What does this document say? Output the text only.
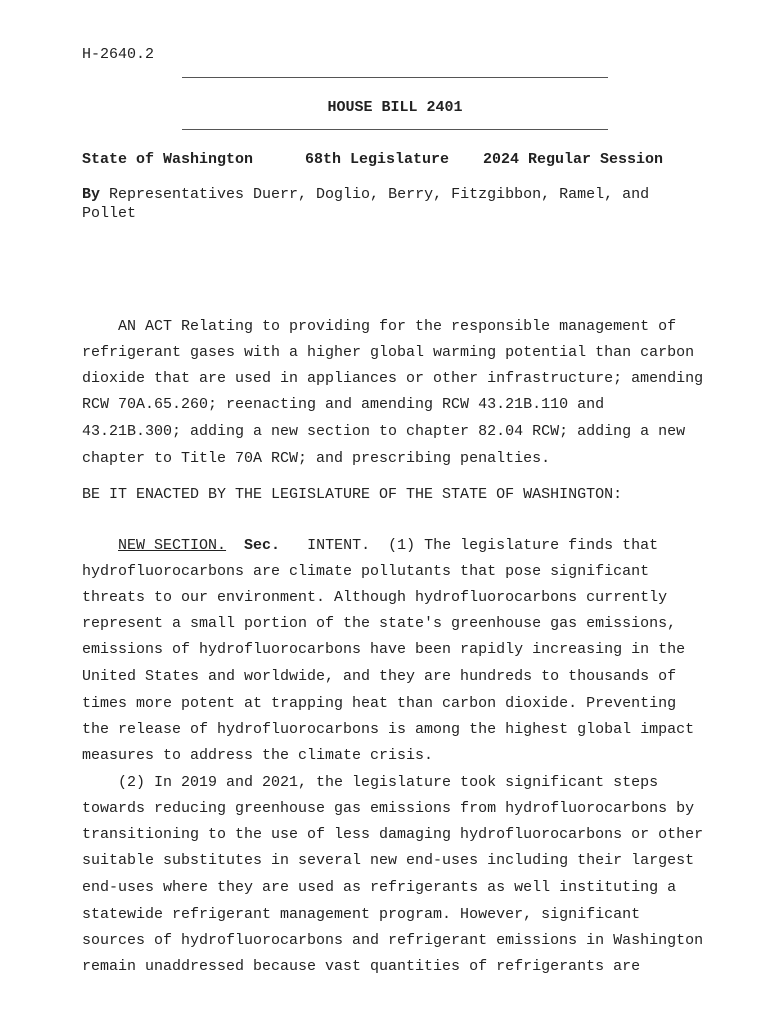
H-2640.2
HOUSE BILL 2401
State of Washington	68th Legislature 2024 Regular Session
By Representatives Duerr, Doglio, Berry, Fitzgibbon, Ramel, and
Pollet
AN ACT Relating to providing for the responsible management of
refrigerant gases with a higher global warming potential than carbon
dioxide that are used in appliances or other infrastructure; amending
RCW 70A.65.260; reenacting and amending RCW 43.21B.110 and
43.21B.300; adding a new section to chapter 82.04 RCW; adding a new
chapter to Title 70A RCW; and prescribing penalties.
BE IT ENACTED BY THE LEGISLATURE OF THE STATE OF WASHINGTON:
NEW SECTION.  Sec.   INTENT.  (1) The legislature finds that
hydrofluorocarbons are climate pollutants that pose significant
threats to our environment. Although hydrofluorocarbons currently
represent a small portion of the state's greenhouse gas emissions,
emissions of hydrofluorocarbons have been rapidly increasing in the
United States and worldwide, and they are hundreds to thousands of
times more potent at trapping heat than carbon dioxide. Preventing
the release of hydrofluorocarbons is among the highest global impact
measures to address the climate crisis.
(2) In 2019 and 2021, the legislature took significant steps
towards reducing greenhouse gas emissions from hydrofluorocarbons by
transitioning to the use of less damaging hydrofluorocarbons or other
suitable substitutes in several new end-uses including their largest
end-uses where they are used as refrigerants as well instituting a
statewide refrigerant management program. However, significant
sources of hydrofluorocarbons and refrigerant emissions in Washington
remain unaddressed because vast quantities of refrigerants are
